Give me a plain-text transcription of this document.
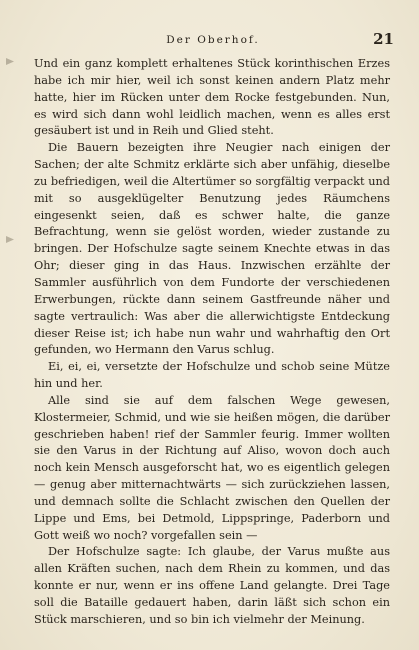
Der Oberhof.	21

Und ein ganz komplett erhaltenes Stück korinthischen Erzes habe ich mir hier, weil ich sonst keinen andern Platz mehr hatte, hier im Rücken unter dem Rocke festgebunden. Nun, es wird sich dann wohl leidlich machen, wenn es alles erst gesäubert ist und in Reih und Glied steht.

Die Bauern bezeigten ihre Neugier nach einigen der Sachen; der alte Schmitz erklärte sich aber unfähig, dieselbe zu befriedigen, weil die Altertümer so sorgfältig verpackt und mit so ausgeklügelter Benutzung jedes Räumchens eingesenkt seien, daß es schwer halte, die ganze Befrachtung, wenn sie gelöst worden, wieder zustande zu bringen. Der Hofschulze sagte seinem Knechte etwas in das Ohr; dieser ging in das Haus. Inzwischen erzählte der Sammler ausführlich von dem Fundorte der verschiedenen Erwerbungen, rückte dann seinem Gastfreunde näher und sagte vertraulich: Was aber die allerwichtigste Entdeckung dieser Reise ist; ich habe nun wahr und wahrhaftig den Ort gefunden, wo Hermann den Varus schlug.

Ei, ei, ei, versetzte der Hofschulze und schob seine Mütze hin und her.

Alle sind sie auf dem falschen Wege gewesen, Klostermeier, Schmid, und wie sie heißen mögen, die darüber geschrieben haben! rief der Sammler feurig. Immer wollten sie den Varus in der Richtung auf Aliso, wovon doch auch noch kein Mensch ausgeforscht hat, wo es eigentlich gelegen — genug aber mitternachtwärts — sich zurückziehen lassen, und demnach sollte die Schlacht zwischen den Quellen der Lippe und Ems, bei Detmold, Lippspringe, Paderborn und Gott weiß wo noch? vorgefallen sein —

Der Hofschulze sagte: Ich glaube, der Varus mußte aus allen Kräften suchen, nach dem Rhein zu kommen, und das konnte er nur, wenn er ins offene Land gelangte. Drei Tage soll die Bataille gedauert haben, darin läßt sich schon ein Stück marschieren, und so bin ich vielmehr der Meinung.
